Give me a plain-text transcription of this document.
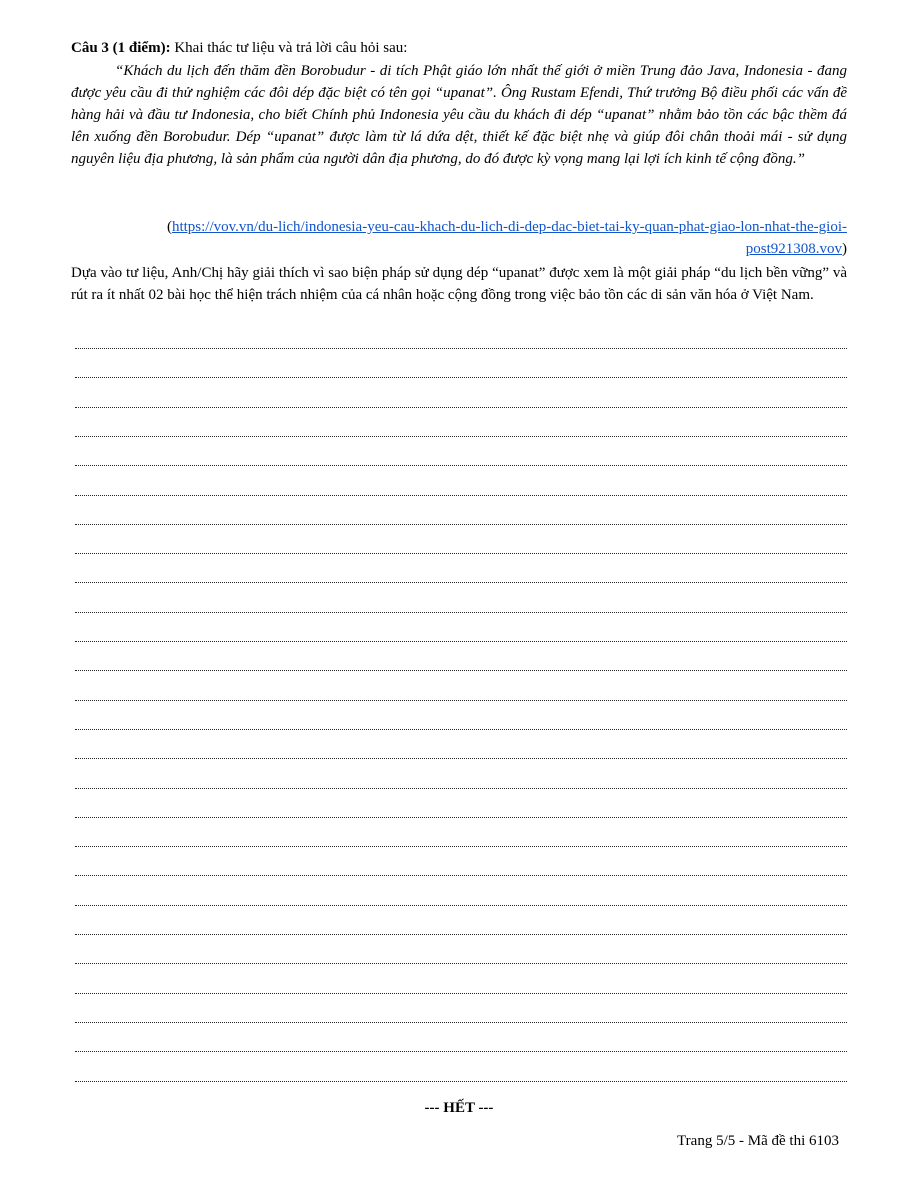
Câu 3 (1 điểm): Khai thác tư liệu và trả lời câu hỏi sau:
“Khách du lịch đến thăm đền Borobudur - di tích Phật giáo lớn nhất thế giới ở miền Trung đảo Java, Indonesia - đang được yêu cầu đi thử nghiệm các đôi dép đặc biệt có tên gọi “upanat”. Ông Rustam Efendi, Thứ trưởng Bộ điều phối các vấn đề hàng hải và đầu tư Indonesia, cho biết Chính phủ Indonesia yêu cầu du khách đi dép “upanat” nhằm bảo tồn các bậc thềm đá lên xuống đền Borobudur. Dép “upanat” được làm từ lá dứa dệt, thiết kế đặc biệt nhẹ và giúp đôi chân thoải mái - sử dụng nguyên liệu địa phương, là sản phẩm của người dân địa phương, do đó được kỳ vọng mang lại lợi ích kinh tế cộng đồng.”
(https://vov.vn/du-lich/indonesia-yeu-cau-khach-du-lich-di-dep-dac-biet-tai-ky-quan-phat-giao-lon-nhat-the-gioi-post921308.vov)
Dựa vào tư liệu, Anh/Chị hãy giải thích vì sao biện pháp sử dụng dép “upanat” được xem là một giải pháp “du lịch bền vững” và rút ra ít nhất 02 bài học thể hiện trách nhiệm của cá nhân hoặc cộng đồng trong việc bảo tồn các di sản văn hóa ở Việt Nam.
--- HẾT ---
Trang 5/5 - Mã đề thi 6103
